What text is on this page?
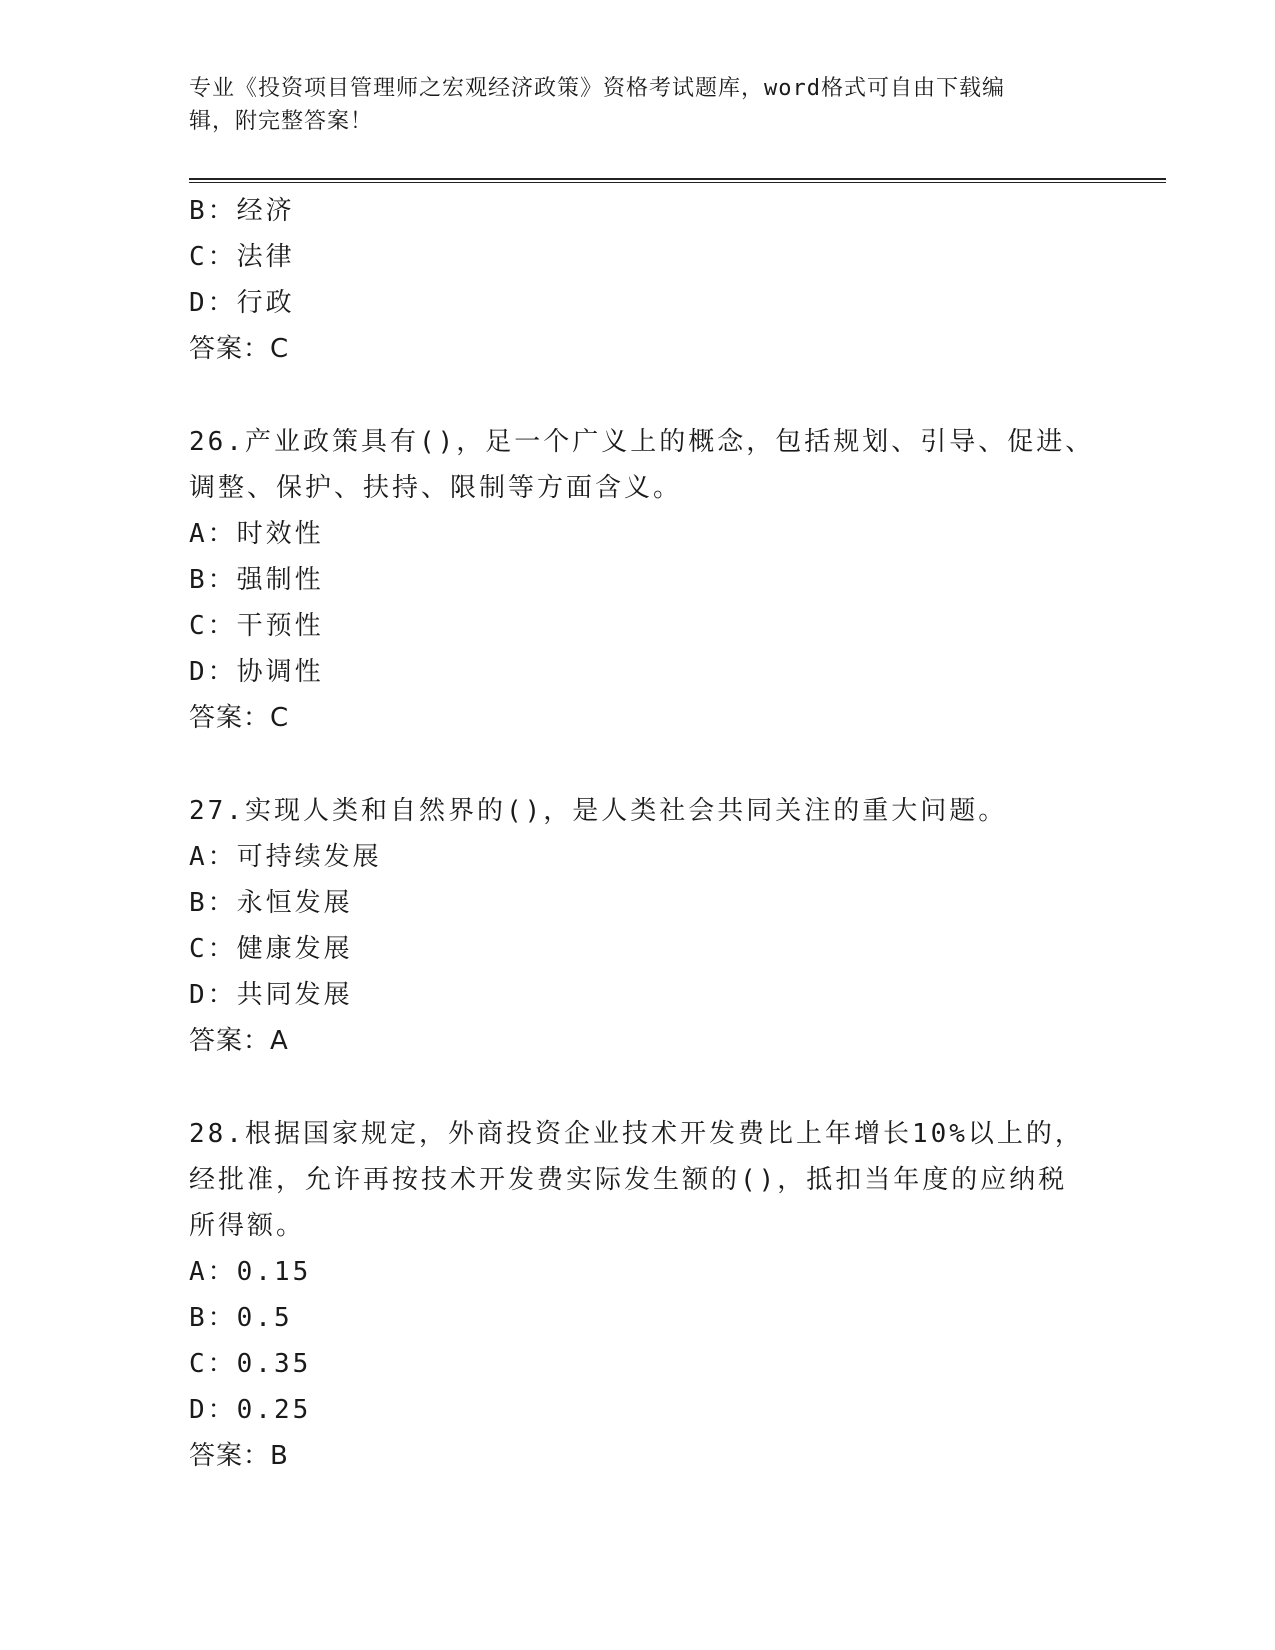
专业《投资项目管理师之宏观经济政策》资格考试题库，word格式可自由下载编
辑，附完整答案！
B：经济
C：法律
D：行政
答案：C
26.产业政策具有()，足一个广义上的概念，包括规划、引导、促进、
调整、保护、扶持、限制等方面含义。
A：时效性
B：强制性
C：干预性
D：协调性
答案：C
27.实现人类和自然界的()，是人类社会共同关注的重大问题。
A：可持续发展
B：永恒发展
C：健康发展
D：共同发展
答案：A
28.根据国家规定，外商投资企业技术开发费比上年增长10%以上的，
经批准，允许再按技术开发费实际发生额的()，抵扣当年度的应纳税
所得额。
A：0.15
B：0.5
C：0.35
D：0.25
答案：B
